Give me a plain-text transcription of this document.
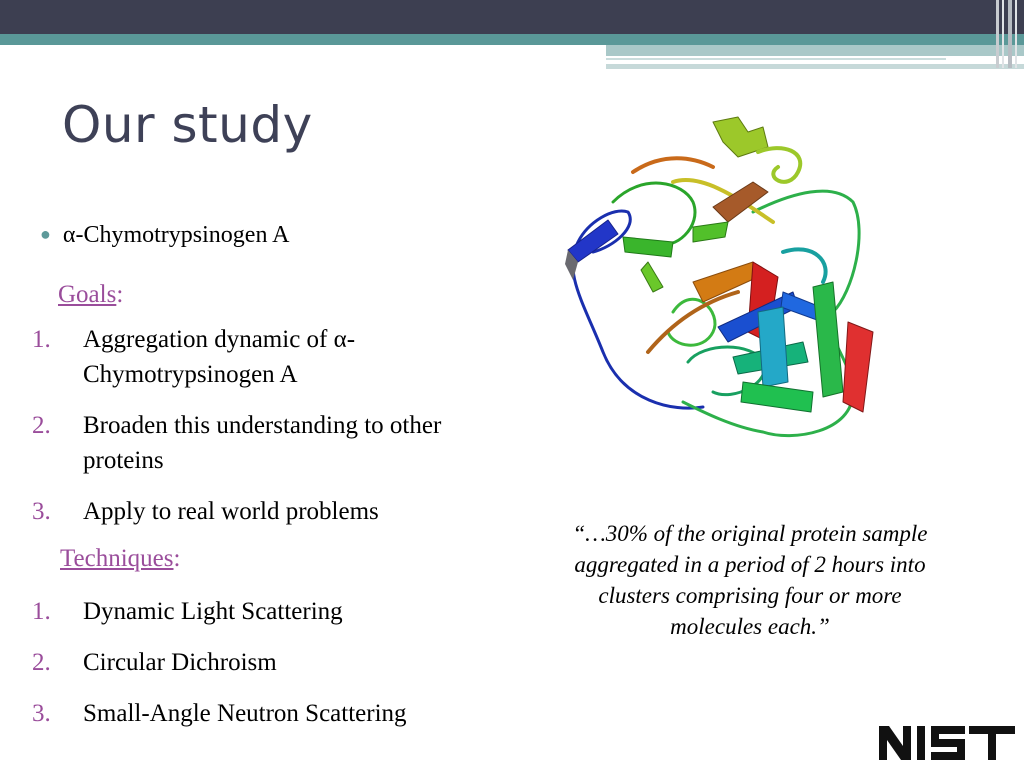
Our study
● α-Chymotrypsinogen A
Goals:
1.	Aggregation dynamic of α-Chymotrypsinogen A
2.	Broaden this understanding to other proteins
3.	Apply to real world problems
Techniques:
1.	Dynamic Light Scattering
2.	Circular Dichroism
3.	Small-Angle Neutron Scattering
“…30% of the original protein sample aggregated in a period of 2 hours into clusters comprising four or more molecules each.”
